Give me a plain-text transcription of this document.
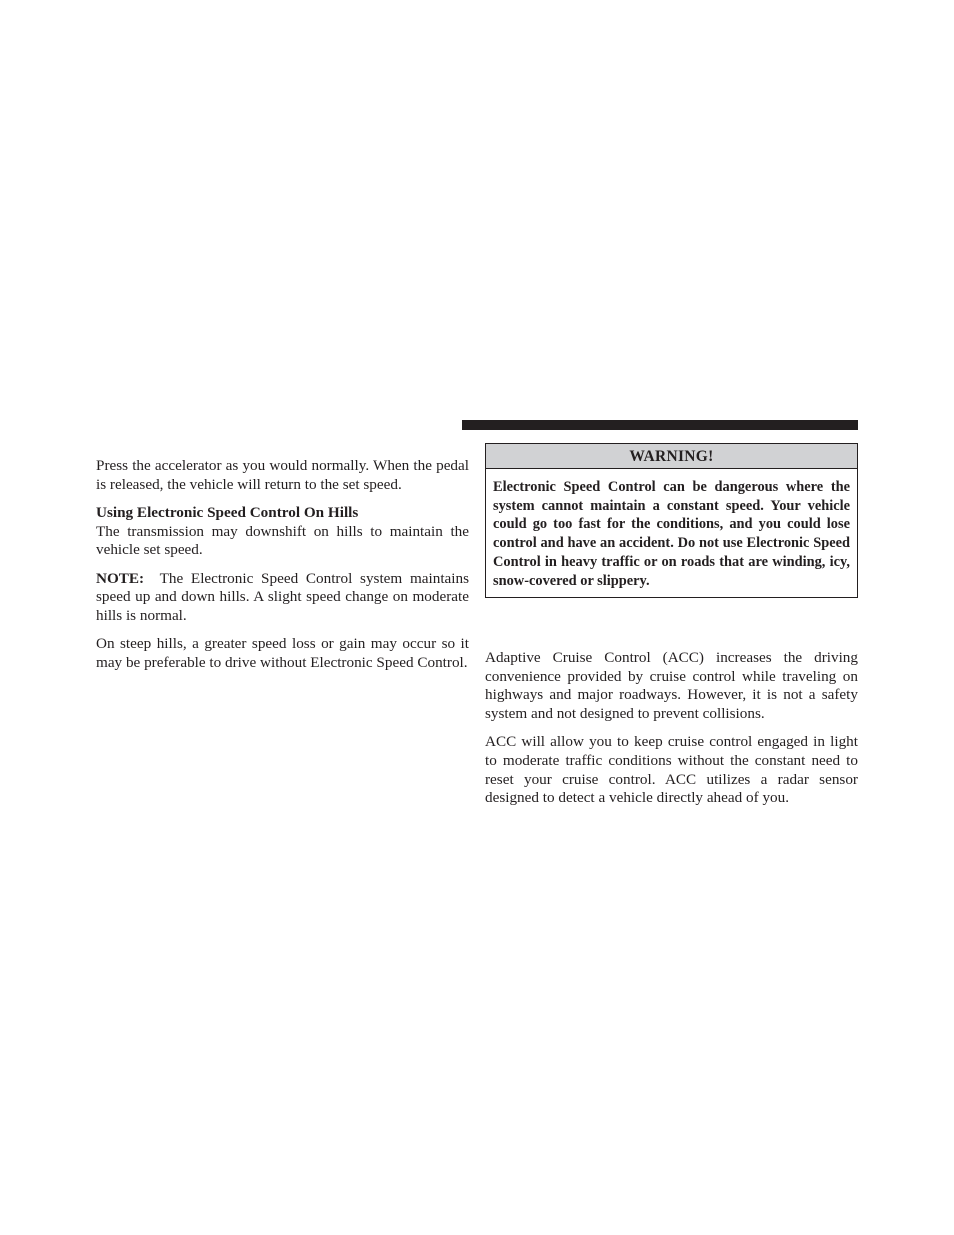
Press the accelerator as you would normally. When the pedal is released, the vehicle will return to the set speed.

Using Electronic Speed Control On Hills

The transmission may downshift on hills to maintain the vehicle set speed.

NOTE: The Electronic Speed Control system maintains speed up and down hills. A slight speed change on moderate hills is normal.

On steep hills, a greater speed loss or gain may occur so it may be preferable to drive without Electronic Speed Control.

WARNING!
Electronic Speed Control can be dangerous where the system cannot maintain a constant speed. Your vehicle could go too fast for the conditions, and you could lose control and have an accident. Do not use Electronic Speed Control in heavy traffic or on roads that are winding, icy, snow-covered or slippery.

Adaptive Cruise Control (ACC) increases the driving convenience provided by cruise control while traveling on highways and major roadways. However, it is not a safety system and not designed to prevent collisions.

ACC will allow you to keep cruise control engaged in light to moderate traffic conditions without the constant need to reset your cruise control. ACC utilizes a radar sensor designed to detect a vehicle directly ahead of you.
